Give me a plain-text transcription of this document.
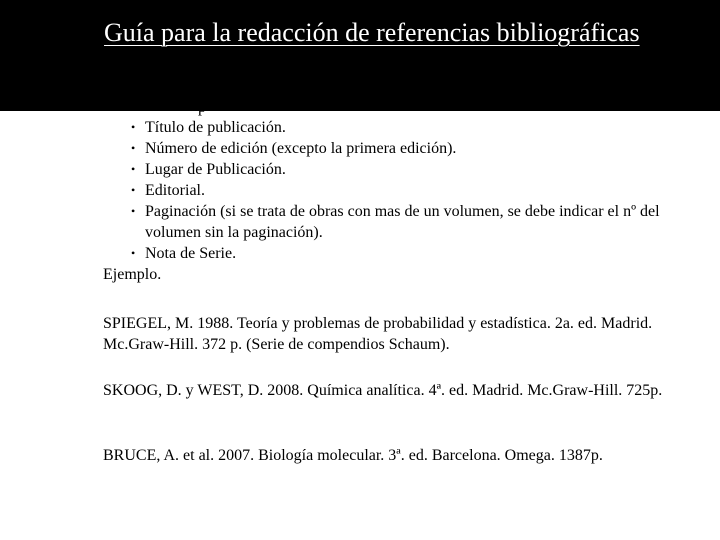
Guía para la redacción de referencias bibliográficas
p
• Título de publicación.
• Número de edición (excepto la primera edición).
• Lugar de Publicación.
• Editorial.
• Paginación (si se trata de obras con mas de un volumen, se debe indicar el nº del volumen sin la paginación).
• Nota de Serie.

Ejemplo.

SPIEGEL, M. 1988. Teoría y problemas de probabilidad y estadística. 2a. ed. Madrid. Mc.Graw-Hill. 372 p. (Serie de compendios Schaum).

SKOOG, D. y WEST, D. 2008. Química analítica. 4ª. ed. Madrid. Mc.Graw-Hill. 725p.

BRUCE, A. et al. 2007. Biología molecular. 3ª. ed. Barcelona. Omega. 1387p.
